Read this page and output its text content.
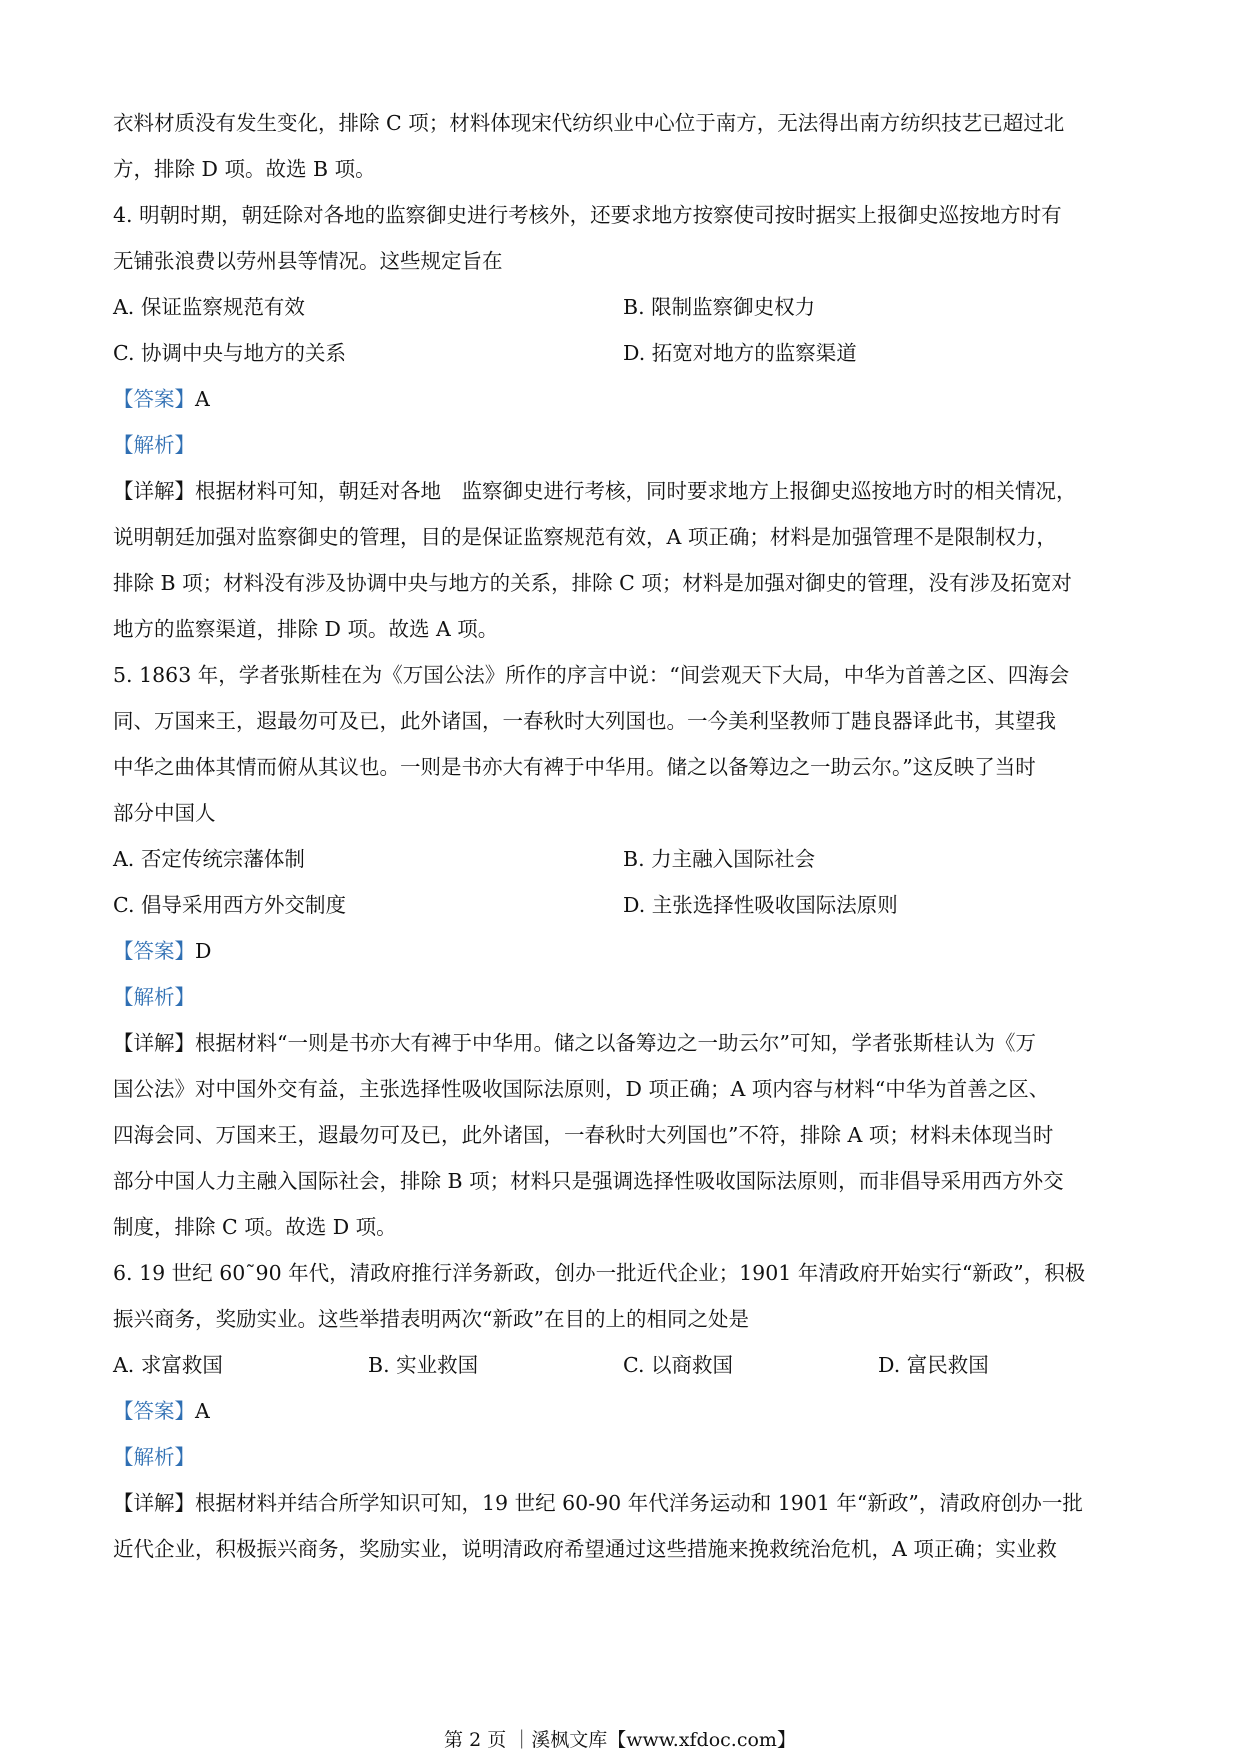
衣料材质没有发生变化，排除 C 项；材料体现宋代纺织业中心位于南方，无法得出南方纺织技艺已超过北
方，排除 D 项。故选 B 项。
4. 明朝时期，朝廷除对各地的监察御史进行考核外，还要求地方按察使司按时据实上报御史巡按地方时有
无铺张浪费以劳州县等情况。这些规定旨在
A. 保证监察规范有效	B. 限制监察御史权力
C. 协调中央与地方的关系	D. 拓宽对地方的监察渠道
【答案】A
【解析】
【详解】根据材料可知，朝廷对各地　监察御史进行考核，同时要求地方上报御史巡按地方时的相关情况，
说明朝廷加强对监察御史的管理，目的是保证监察规范有效，A 项正确；材料是加强管理不是限制权力，
排除 B 项；材料没有涉及协调中央与地方的关系，排除 C 项；材料是加强对御史的管理，没有涉及拓宽对
地方的监察渠道，排除 D 项。故选 A 项。
5. 1863 年，学者张斯桂在为《万国公法》所作的序言中说：“间尝观天下大局，中华为首善之区、四海会
同、万国来王，遐最勿可及已，此外诸国，一春秋时大列国也。一今美利坚教师丁韪良器译此书，其望我
中华之曲体其情而俯从其议也。一则是书亦大有裨于中华用。储之以备筹边之一助云尔。”这反映了当时
部分中国人
A. 否定传统宗藩体制	B. 力主融入国际社会
C. 倡导采用西方外交制度	D. 主张选择性吸收国际法原则
【答案】D
【解析】
【详解】根据材料“一则是书亦大有裨于中华用。储之以备筹边之一助云尔”可知，学者张斯桂认为《万
国公法》对中国外交有益，主张选择性吸收国际法原则，D 项正确；A 项内容与材料“中华为首善之区、
四海会同、万国来王，遐最勿可及已，此外诸国，一春秋时大列国也”不符，排除 A 项；材料未体现当时
部分中国人力主融入国际社会，排除 B 项；材料只是强调选择性吸收国际法原则，而非倡导采用西方外交
制度，排除 C 项。故选 D 项。
6. 19 世纪 60˜90 年代，清政府推行洋务新政，创办一批近代企业；1901 年清政府开始实行“新政”，积极
振兴商务，奖励实业。这些举措表明两次“新政”在目的上的相同之处是
A. 求富救国	B. 实业救国	C. 以商救国	D. 富民救国
【答案】A
【解析】
【详解】根据材料并结合所学知识可知，19 世纪 60-90 年代洋务运动和 1901 年“新政”，清政府创办一批
近代企业，积极振兴商务，奖励实业，说明清政府希望通过这些措施来挽救统治危机，A 项正确；实业救
第 2 页 ｜溪枫文库【www.xfdoc.com】
